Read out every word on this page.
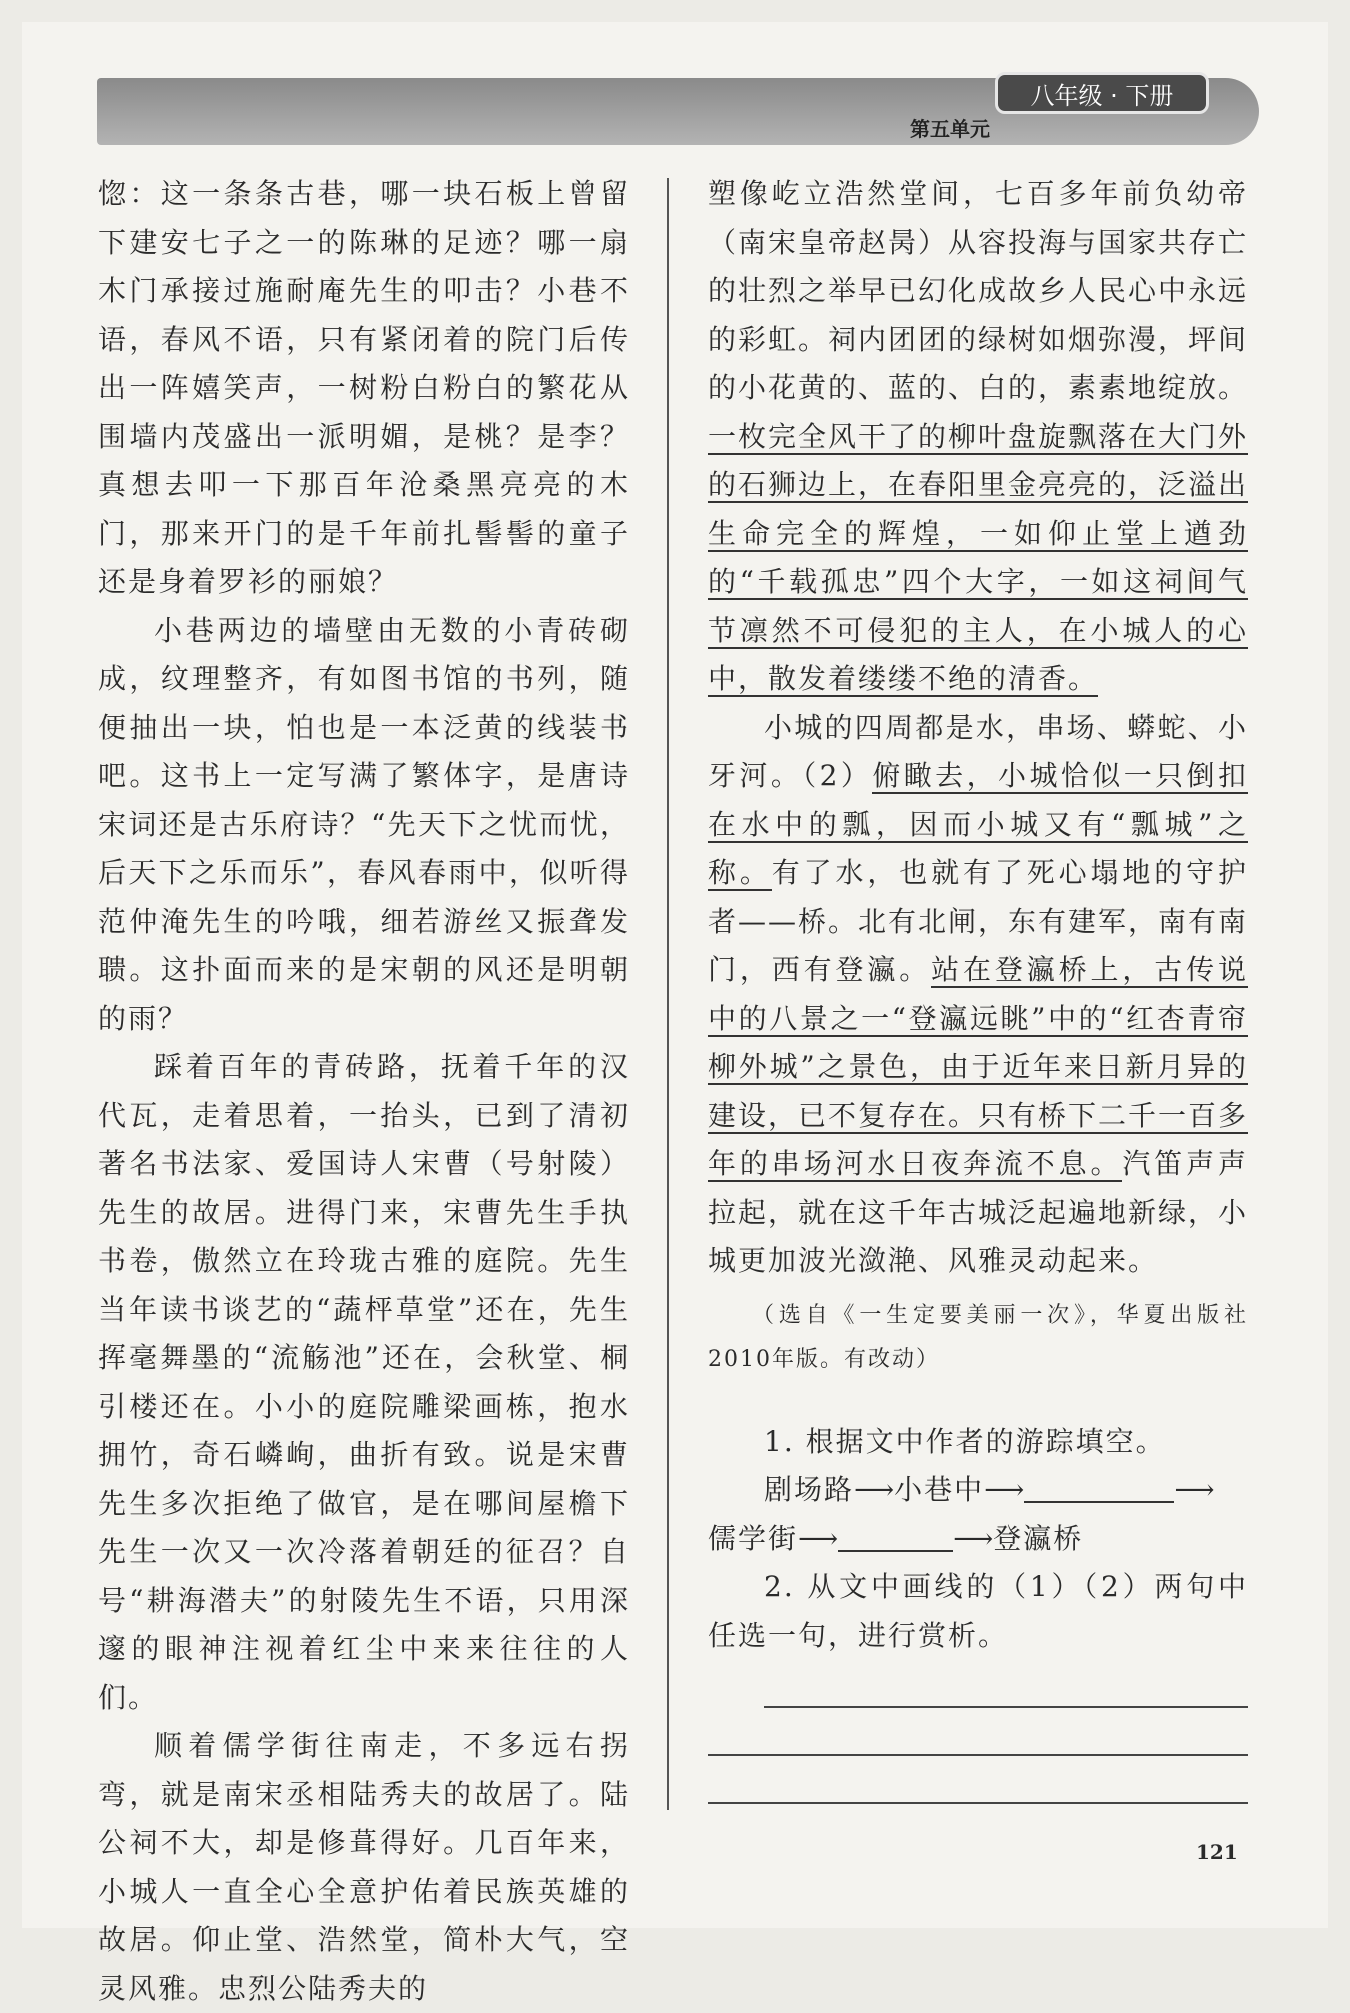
八年级 · 下册
第五单元

惚：这一条条古巷，哪一块石板上曾留下建安七子之一的陈琳的足迹？哪一扇木门承接过施耐庵先生的叩击？小巷不语，春风不语，只有紧闭着的院门后传出一阵嬉笑声，一树粉白粉白的繁花从围墙内茂盛出一派明媚，是桃？是李？真想去叩一下那百年沧桑黑亮亮的木门，那来开门的是千年前扎髻髻的童子还是身着罗衫的丽娘？

小巷两边的墙壁由无数的小青砖砌成，纹理整齐，有如图书馆的书列，随便抽出一块，怕也是一本泛黄的线装书吧。这书上一定写满了繁体字，是唐诗宋词还是古乐府诗？“先天下之忧而忧，后天下之乐而乐”，春风春雨中，似听得范仲淹先生的吟哦，细若游丝又振聋发聩。这扑面而来的是宋朝的风还是明朝的雨？

踩着百年的青砖路，抚着千年的汉代瓦，走着思着，一抬头，已到了清初著名书法家、爱国诗人宋曹（号射陵）先生的故居。进得门来，宋曹先生手执书卷，傲然立在玲珑古雅的庭院。先生当年读书谈艺的“蔬枰草堂”还在，先生挥毫舞墨的“流觞池”还在，会秋堂、桐引楼还在。小小的庭院雕梁画栋，抱水拥竹，奇石嶙峋，曲折有致。说是宋曹先生多次拒绝了做官，是在哪间屋檐下先生一次又一次冷落着朝廷的征召？自号“耕海潜夫”的射陵先生不语，只用深邃的眼神注视着红尘中来来往往的人们。

顺着儒学街往南走，不多远右拐弯，就是南宋丞相陆秀夫的故居了。陆公祠不大，却是修葺得好。几百年来，小城人一直全心全意护佑着民族英雄的故居。仰止堂、浩然堂，简朴大气，空灵风雅。忠烈公陆秀夫的

塑像屹立浩然堂间，七百多年前负幼帝（南宋皇帝赵昺）从容投海与国家共存亡的壮烈之举早已幻化成故乡人民心中永远的彩虹。祠内团团的绿树如烟弥漫，坪间的小花黄的、蓝的、白的，素素地绽放。一枚完全风干了的柳叶盘旋飘落在大门外的石狮边上，在春阳里金亮亮的，泛溢出生命完全的辉煌，一如仰止堂上遒劲的“千载孤忠”四个大字，一如这祠间气节凛然不可侵犯的主人，在小城人的心中，散发着缕缕不绝的清香。

小城的四周都是水，串场、蟒蛇、小牙河。（2）俯瞰去，小城恰似一只倒扣在水中的瓢，因而小城又有“瓢城”之称。有了水，也就有了死心塌地的守护者——桥。北有北闸，东有建军，南有南门，西有登瀛。站在登瀛桥上，古传说中的八景之一“登瀛远眺”中的“红杏青帘柳外城”之景色，由于近年来日新月异的建设，已不复存在。只有桥下二千一百多年的串场河水日夜奔流不息。汽笛声声拉起，就在这千年古城泛起遍地新绿，小城更加波光潋滟、风雅灵动起来。

（选自《一生定要美丽一次》，华夏出版社2010年版。有改动）

1. 根据文中作者的游踪填空。

剧场路⟶小巷中⟶	⟶

儒学街⟶	⟶登瀛桥

2. 从文中画线的（1）（2）两句中任选一句，进行赏析。

121
